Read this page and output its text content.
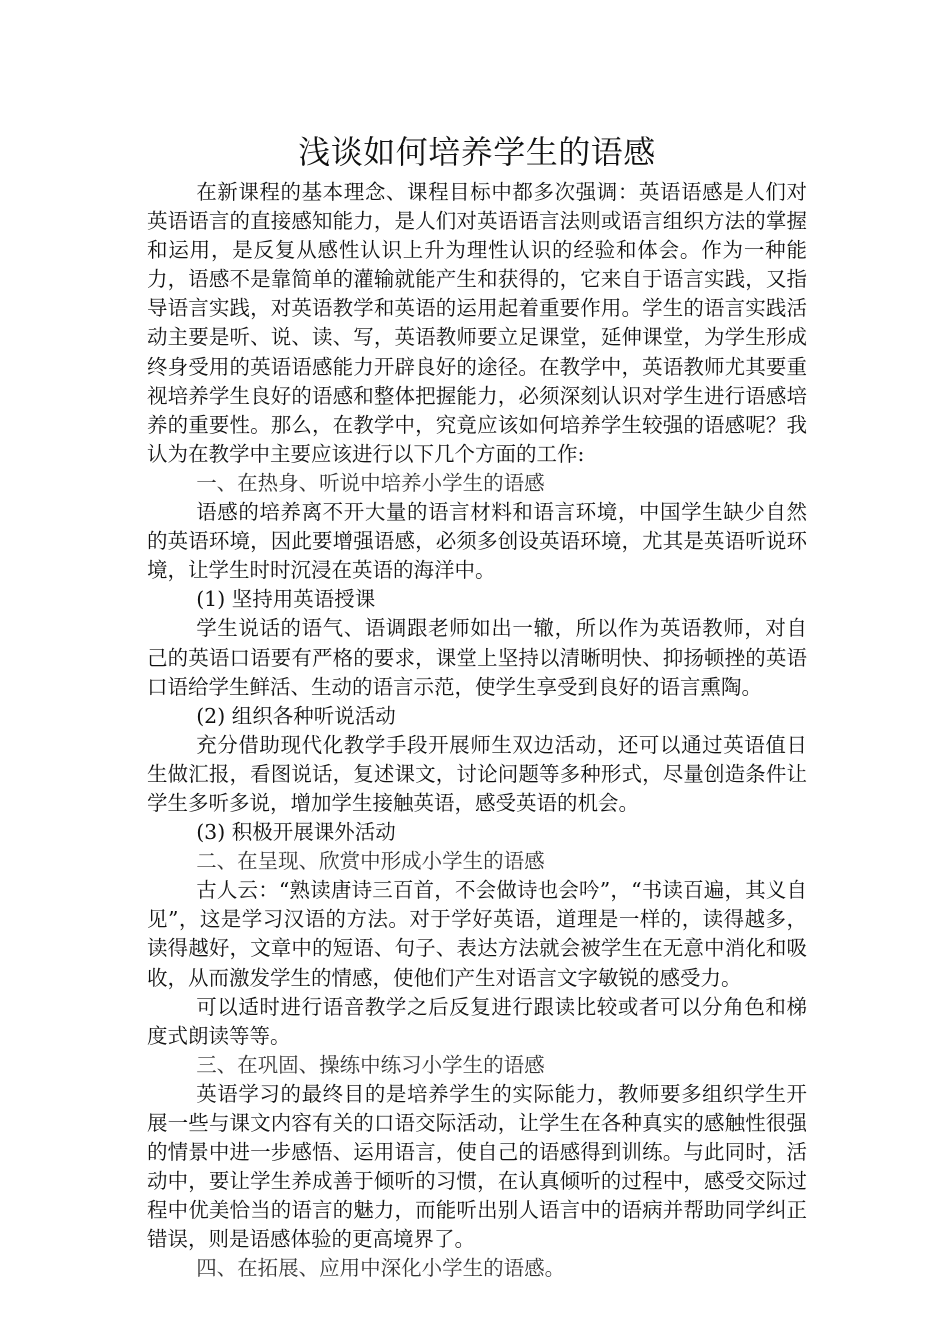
浅谈如何培养学生的语感

在新课程的基本理念、课程目标中都多次强调：英语语感是人们对英语语言的直接感知能力，是人们对英语语言法则或语言组织方法的掌握和运用，是反复从感性认识上升为理性认识的经验和体会。作为一种能力，语感不是靠简单的灌输就能产生和获得的，它来自于语言实践，又指导语言实践，对英语教学和英语的运用起着重要作用。学生的语言实践活动主要是听、说、读、写，英语教师要立足课堂，延伸课堂，为学生形成终身受用的英语语感能力开辟良好的途径。在教学中，英语教师尤其要重视培养学生良好的语感和整体把握能力，必须深刻认识对学生进行语感培养的重要性。那么，在教学中，究竟应该如何培养学生较强的语感呢？我认为在教学中主要应该进行以下几个方面的工作:

一、在热身、听说中培养小学生的语感

语感的培养离不开大量的语言材料和语言环境，中国学生缺少自然的英语环境，因此要增强语感，必须多创设英语环境，尤其是英语听说环境，让学生时时沉浸在英语的海洋中。

(1) 坚持用英语授课

学生说话的语气、语调跟老师如出一辙，所以作为英语教师，对自己的英语口语要有严格的要求，课堂上坚持以清晰明快、抑扬顿挫的英语口语给学生鲜活、生动的语言示范，使学生享受到良好的语言熏陶。

(2) 组织各种听说活动

充分借助现代化教学手段开展师生双边活动，还可以通过英语值日生做汇报，看图说话，复述课文，讨论问题等多种形式，尽量创造条件让学生多听多说，增加学生接触英语，感受英语的机会。

(3) 积极开展课外活动

二、在呈现、欣赏中形成小学生的语感

古人云：“熟读唐诗三百首，不会做诗也会吟”，“书读百遍，其义自见”，这是学习汉语的方法。对于学好英语，道理是一样的，读得越多，读得越好，文章中的短语、句子、表达方法就会被学生在无意中消化和吸收，从而激发学生的情感，使他们产生对语言文字敏锐的感受力。

可以适时进行语音教学之后反复进行跟读比较或者可以分角色和梯度式朗读等等。

三、在巩固、操练中练习小学生的语感

英语学习的最终目的是培养学生的实际能力，教师要多组织学生开展一些与课文内容有关的口语交际活动，让学生在各种真实的感触性很强的情景中进一步感悟、运用语言，使自己的语感得到训练。与此同时，活动中，要让学生养成善于倾听的习惯，在认真倾听的过程中，感受交际过程中优美恰当的语言的魅力，而能听出别人语言中的语病并帮助同学纠正错误，则是语感体验的更高境界了。

四、在拓展、应用中深化小学生的语感。
